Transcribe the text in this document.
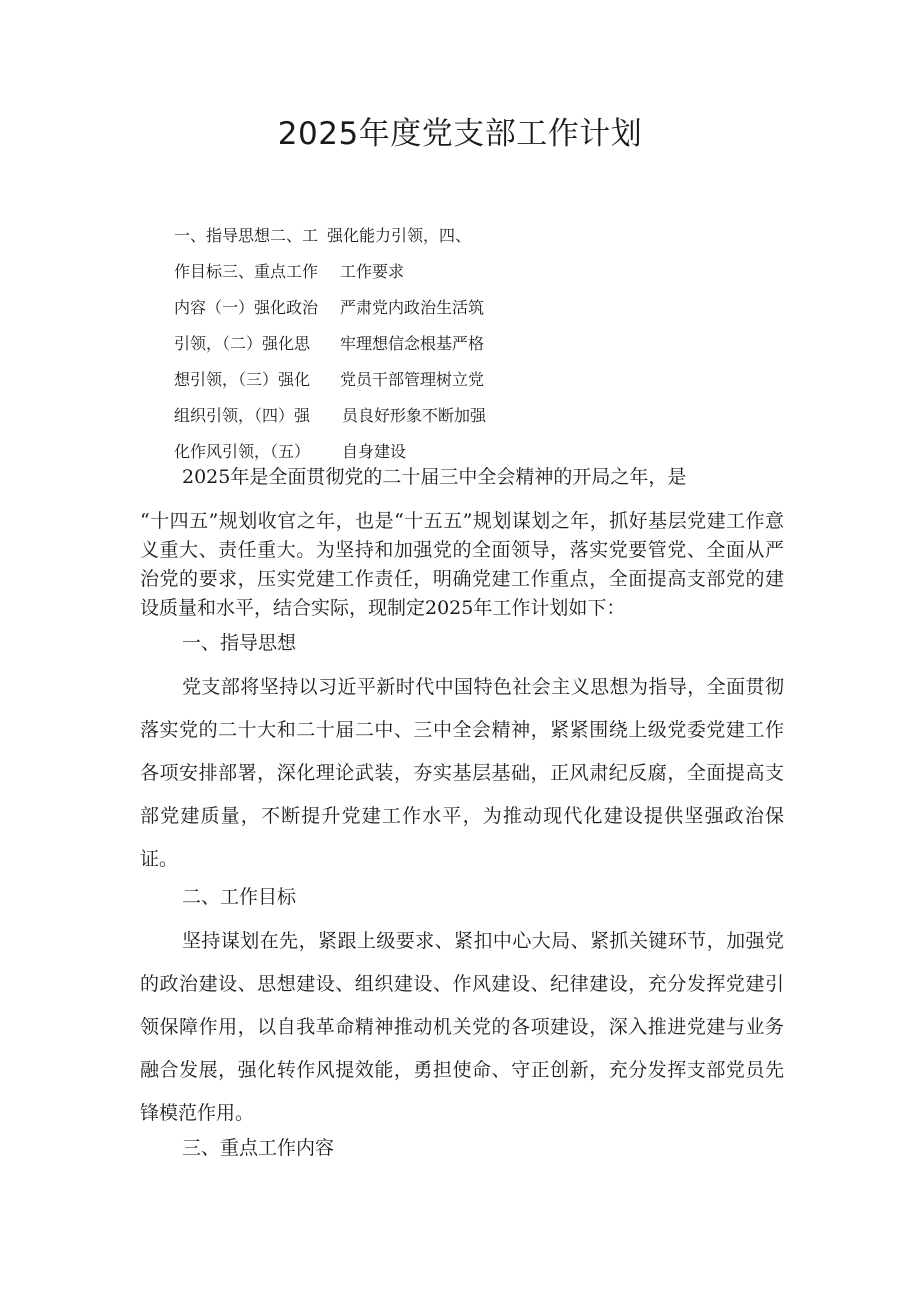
2025年度党支部工作计划
一、指导思想二、工 强化能力引领，四、
作目标三、重点工作 工作要求
内容（一）强化政治 严肃党内政治生活筑
引领，（二）强化思 牢理想信念根基严格
想引领，（三）强化 党员干部管理树立党
组织引领，（四）强 员良好形象不断加强
化作风引领，（五） 自身建设
2025年是全面贯彻党的二十届三中全会精神的开局之年，是

“十四五”规划收官之年，也是“十五五”规划谋划之年，抓好基层党建工作意义重大、责任重大。为坚持和加强党的全面领导，落实党要管党、全面从严治党的要求，压实党建工作责任，明确党建工作重点，全面提高支部党的建设质量和水平，结合实际，现制定2025年工作计划如下：

一、指导思想

党支部将坚持以习近平新时代中国特色社会主义思想为指导，全面贯彻落实党的二十大和二十届二中、三中全会精神，紧紧围绕上级党委党建工作各项安排部署，深化理论武装，夯实基层基础，正风肃纪反腐，全面提高支部党建质量，不断提升党建工作水平，为推动现代化建设提供坚强政治保证。

二、工作目标

坚持谋划在先，紧跟上级要求、紧扣中心大局、紧抓关键环节，加强党的政治建设、思想建设、组织建设、作风建设、纪律建设，充分发挥党建引领保障作用，以自我革命精神推动机关党的各项建设，深入推进党建与业务融合发展，强化转作风提效能，勇担使命、守正创新，充分发挥支部党员先锋模范作用。

三、重点工作内容
